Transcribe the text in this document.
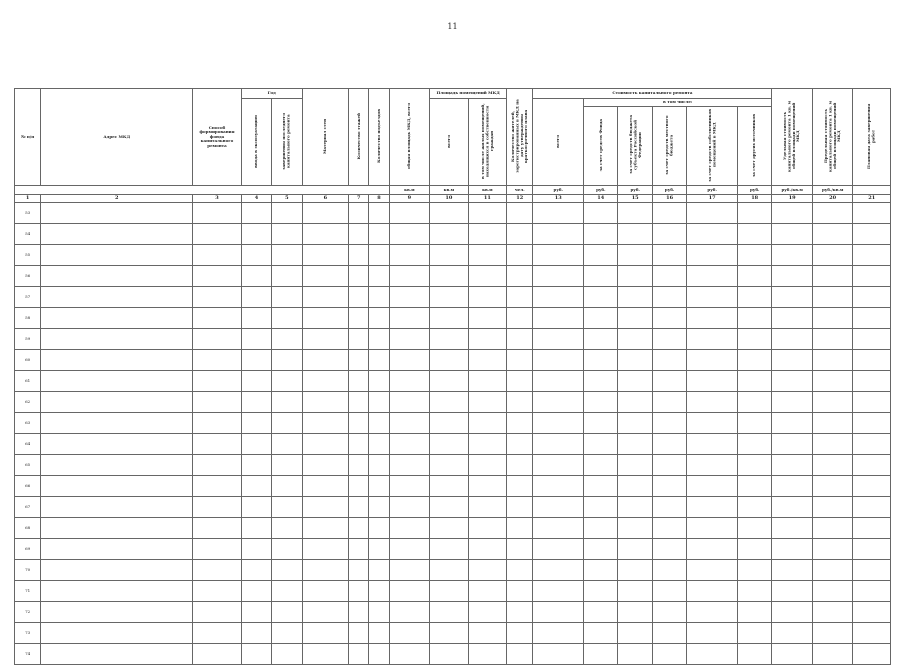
11
№ п/п	Адрес МКД	Способ формирования фонда капитального ремонта	Год		Материал стен	Количество этажей	Количество подъездов	общая площадь МКД, всего	Площадь помещений МКД		Количество жителей, зарегистрированных в МКД на дату утверждения краткосрочного плана	Стоимость капитального ремонта						Удельная стоимость капитального ремонта 1 кв. м общей площади помещений МКД	Предельная стоимость капитального ремонта 1 кв. м общей площади помещений МКД	Плановая дата завершения работ
			ввода в эксплуатацию	завершения последнего капитального ремонта					всего	в том числе жилых помещений, находящихся в собственности граждан		всего	в том числе:							
													за счет средств Фонда	за счет средств бюджета субъекта Российской Федерации	за счет средств местного бюджета	за счет средств собственников помещений в МКД	за счет других источников			
								кв.м	кв.м	кв.м	чел.	руб.	руб.	руб.	руб.	руб.	руб.	руб./кв.м	руб./кв.м	
1	2	3	4	5	6	7	8	9	10	11	12	13	14	15	16	17	18	19	20	21
53																				
54																				
55																				
56																				
57																				
58																				
59																				
60																				
61																				
62																				
63																				
64																				
65																				
66																				
67																				
68																				
69																				
70																				
71																				
72																				
73																				
74																				
